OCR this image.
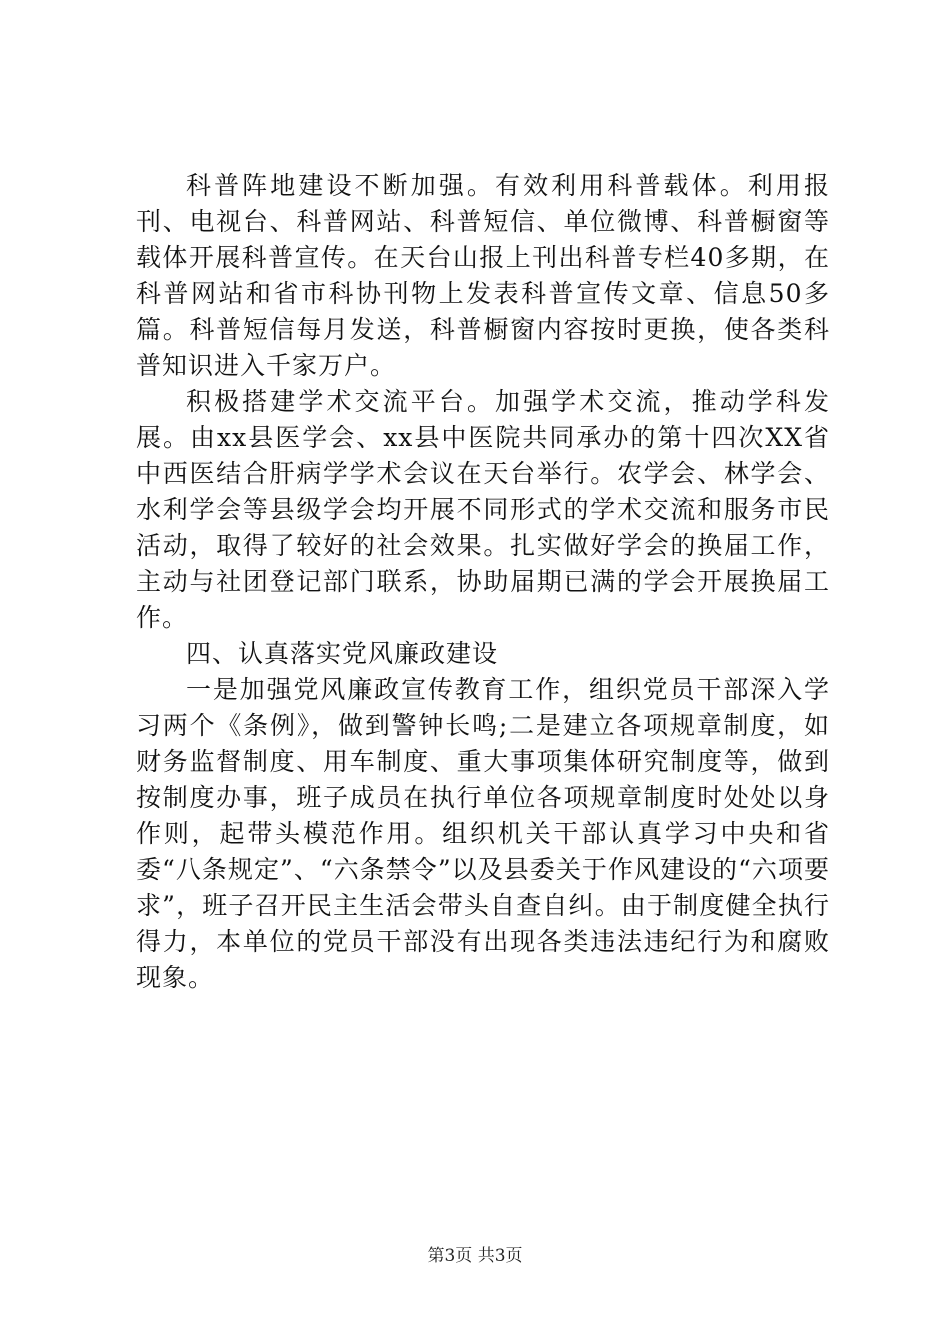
科普阵地建设不断加强。有效利用科普载体。利用报刊、电视台、科普网站、科普短信、单位微博、科普橱窗等载体开展科普宣传。在天台山报上刊出科普专栏40多期，在科普网站和省市科协刊物上发表科普宣传文章、信息50多篇。科普短信每月发送，科普橱窗内容按时更换，使各类科普知识进入千家万户。

积极搭建学术交流平台。加强学术交流，推动学科发展。由xx县医学会、xx县中医院共同承办的第十四次XX省中西医结合肝病学学术会议在天台举行。农学会、林学会、水利学会等县级学会均开展不同形式的学术交流和服务市民活动，取得了较好的社会效果。扎实做好学会的换届工作，主动与社团登记部门联系，协助届期已满的学会开展换届工作。

四、认真落实党风廉政建设

一是加强党风廉政宣传教育工作，组织党员干部深入学习两个《条例》，做到警钟长鸣;二是建立各项规章制度，如财务监督制度、用车制度、重大事项集体研究制度等，做到按制度办事，班子成员在执行单位各项规章制度时处处以身作则，起带头模范作用。组织机关干部认真学习中央和省委“八条规定”、“六条禁令”以及县委关于作风建设的“六项要求”，班子召开民主生活会带头自查自纠。由于制度健全执行得力，本单位的党员干部没有出现各类违法违纪行为和腐败现象。

第3页 共3页
